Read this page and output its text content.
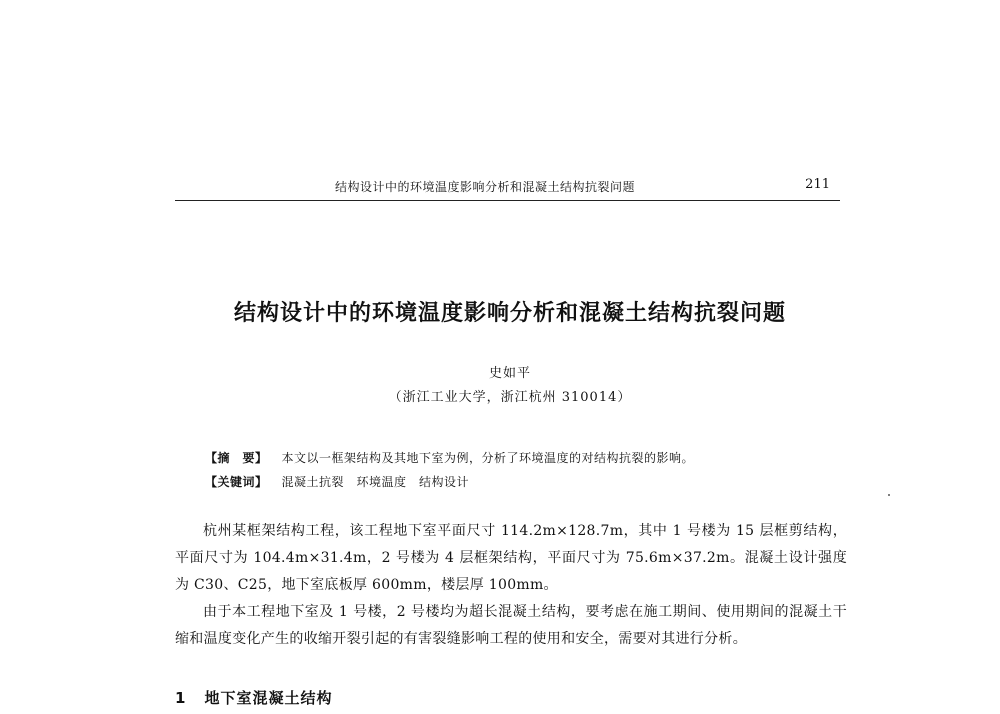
结构设计中的环境温度影响分析和混凝土结构抗裂问题	211
结构设计中的环境温度影响分析和混凝土结构抗裂问题
史如平
（浙江工业大学，浙江杭州 310014）
【摘　要】 本文以一框架结构及其地下室为例，分析了环境温度的对结构抗裂的影响。
【关键词】 混凝土抗裂　环境温度　结构设计

杭州某框架结构工程，该工程地下室平面尺寸 114.2m×128.7m，其中 1 号楼为 15 层框剪结构，平面尺寸为 104.4m×31.4m，2 号楼为 4 层框架结构，平面尺寸为 75.6m×37.2m。混凝土设计强度为 C30、C25，地下室底板厚 600mm，楼层厚 100mm。

由于本工程地下室及 1 号楼，2 号楼均为超长混凝土结构，要考虑在施工期间、使用期间的混凝土干缩和温度变化产生的收缩开裂引起的有害裂缝影响工程的使用和安全，需要对其进行分析。

1 地下室混凝土结构
